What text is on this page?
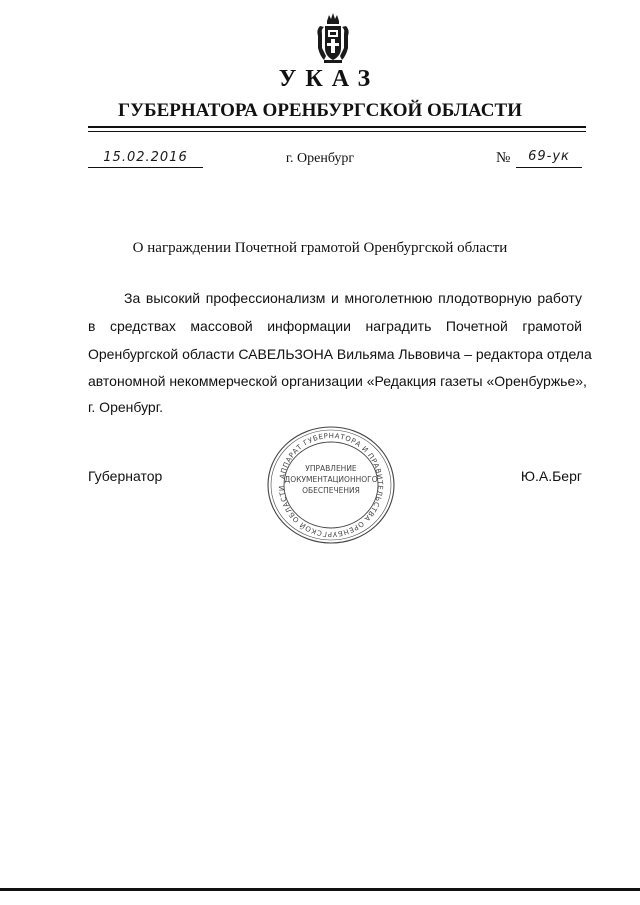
УКАЗ
ГУБЕРНАТОРА ОРЕНБУРГСКОЙ ОБЛАСТИ
15.02.2016	г. Оренбург	№	69-ук
О награждении Почетной грамотой Оренбургской области
За высокий профессионализм и многолетнюю плодотворную работу
в средствах массовой информации наградить Почетной грамотой
Оренбургской области САВЕЛЬЗОНА Вильяма Львовича – редактора отдела
автономной некоммерческой организации «Редакция газеты «Оренбуржье»,
г. Оренбург.
АППАРАТ ГУБЕРНАТОРА И ПРАВИТЕЛЬСТВА ОРЕНБУРГСКОЙ ОБЛАСТИ
УПРАВЛЕНИЕ
ДОКУМЕНТАЦИОННОГО
ОБЕСПЕЧЕНИЯ
Губернатор	Ю.А.Берг
